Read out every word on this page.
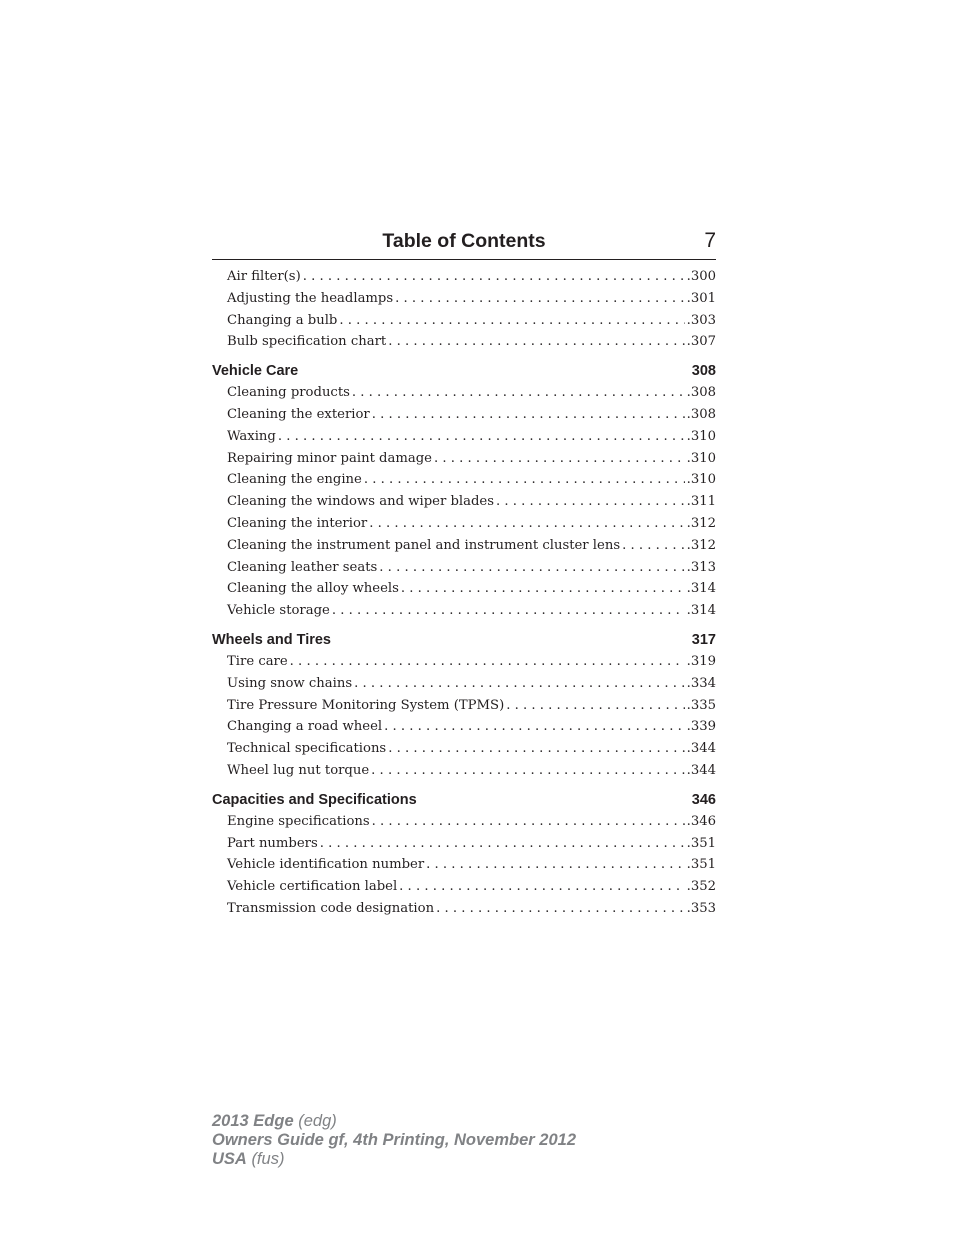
Table of Contents	7
Air filter(s) . . .	.300
Adjusting the headlamps . . .	.301
Changing a bulb . . .	.303
Bulb specification chart . . .	.307
Vehicle Care	308
Cleaning products . . .	.308
Cleaning the exterior . . .	.308
Waxing . . .	.310
Repairing minor paint damage . . .	.310
Cleaning the engine . . .	.310
Cleaning the windows and wiper blades . . .	.311
Cleaning the interior . . .	.312
Cleaning the instrument panel and instrument cluster lens . . .	.312
Cleaning leather seats . . .	.313
Cleaning the alloy wheels . . .	.314
Vehicle storage . . .	.314
Wheels and Tires	317
Tire care . . .	.319
Using snow chains . . .	.334
Tire Pressure Monitoring System (TPMS) . . .	.335
Changing a road wheel . . .	.339
Technical specifications . . .	.344
Wheel lug nut torque . . .	.344
Capacities and Specifications	346
Engine specifications . . .	.346
Part numbers . . .	.351
Vehicle identification number . . .	.351
Vehicle certification label . . .	.352
Transmission code designation . . .	.353
2013 Edge (edg)
Owners Guide gf, 4th Printing, November 2012
USA (fus)
